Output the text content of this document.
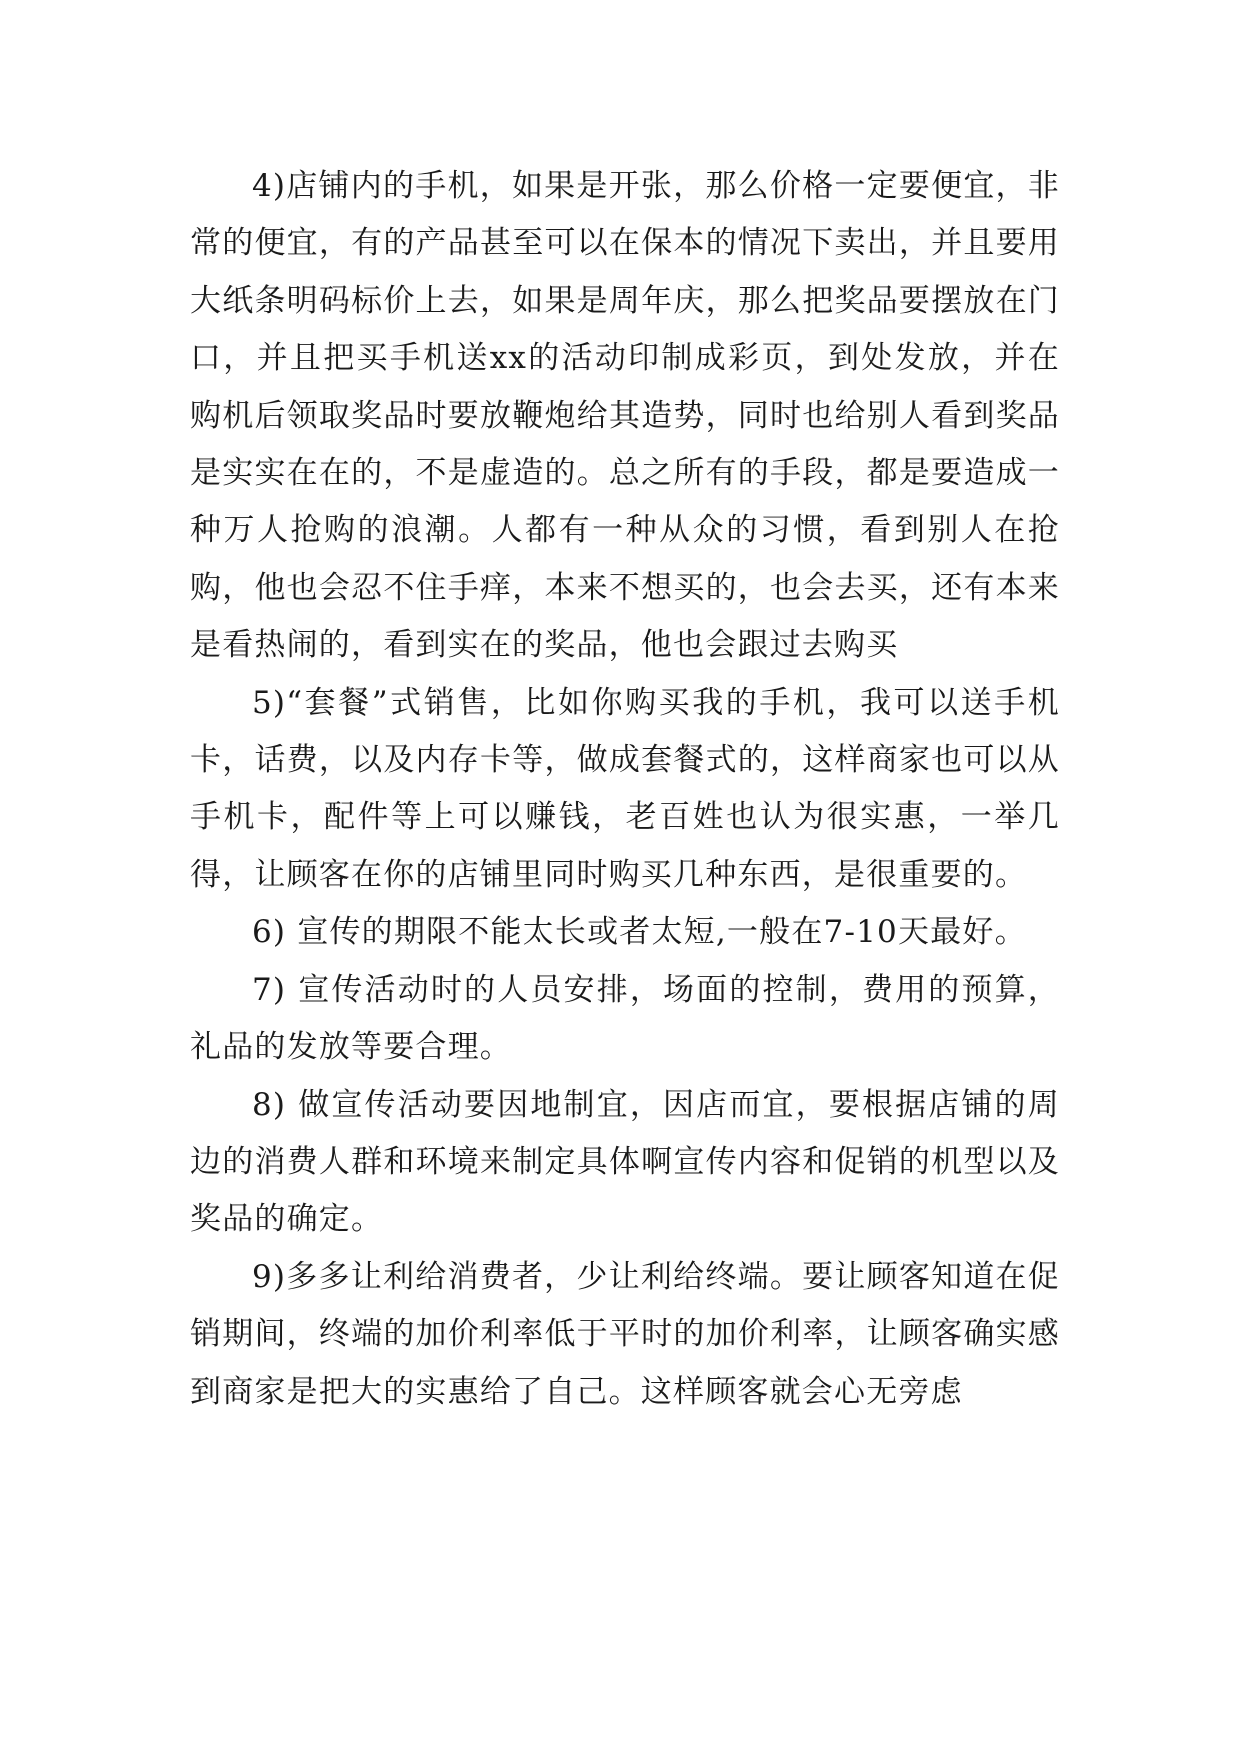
4)店铺内的手机，如果是开张，那么价格一定要便宜，非常的便宜，有的产品甚至可以在保本的情况下卖出，并且要用大纸条明码标价上去，如果是周年庆，那么把奖品要摆放在门口，并且把买手机送xx的活动印制成彩页，到处发放，并在购机后领取奖品时要放鞭炮给其造势，同时也给别人看到奖品是实实在在的，不是虚造的。总之所有的手段，都是要造成一种万人抢购的浪潮。人都有一种从众的习惯，看到别人在抢购，他也会忍不住手痒，本来不想买的，也会去买，还有本来是看热闹的，看到实在的奖品，他也会跟过去购买

5)“套餐”式销售，比如你购买我的手机，我可以送手机卡，话费，以及内存卡等，做成套餐式的，这样商家也可以从手机卡，配件等上可以赚钱，老百姓也认为很实惠，一举几得，让顾客在你的店铺里同时购买几种东西，是很重要的。

6) 宣传的期限不能太长或者太短,一般在7-10天最好。

7) 宣传活动时的人员安排，场面的控制，费用的预算，礼品的发放等要合理。

8) 做宣传活动要因地制宜，因店而宜，要根据店铺的周边的消费人群和环境来制定具体啊宣传内容和促销的机型以及奖品的确定。

9)多多让利给消费者，少让利给终端。要让顾客知道在促销期间，终端的加价利率低于平时的加价利率，让顾客确实感到商家是把大的实惠给了自己。这样顾客就会心无旁虑
